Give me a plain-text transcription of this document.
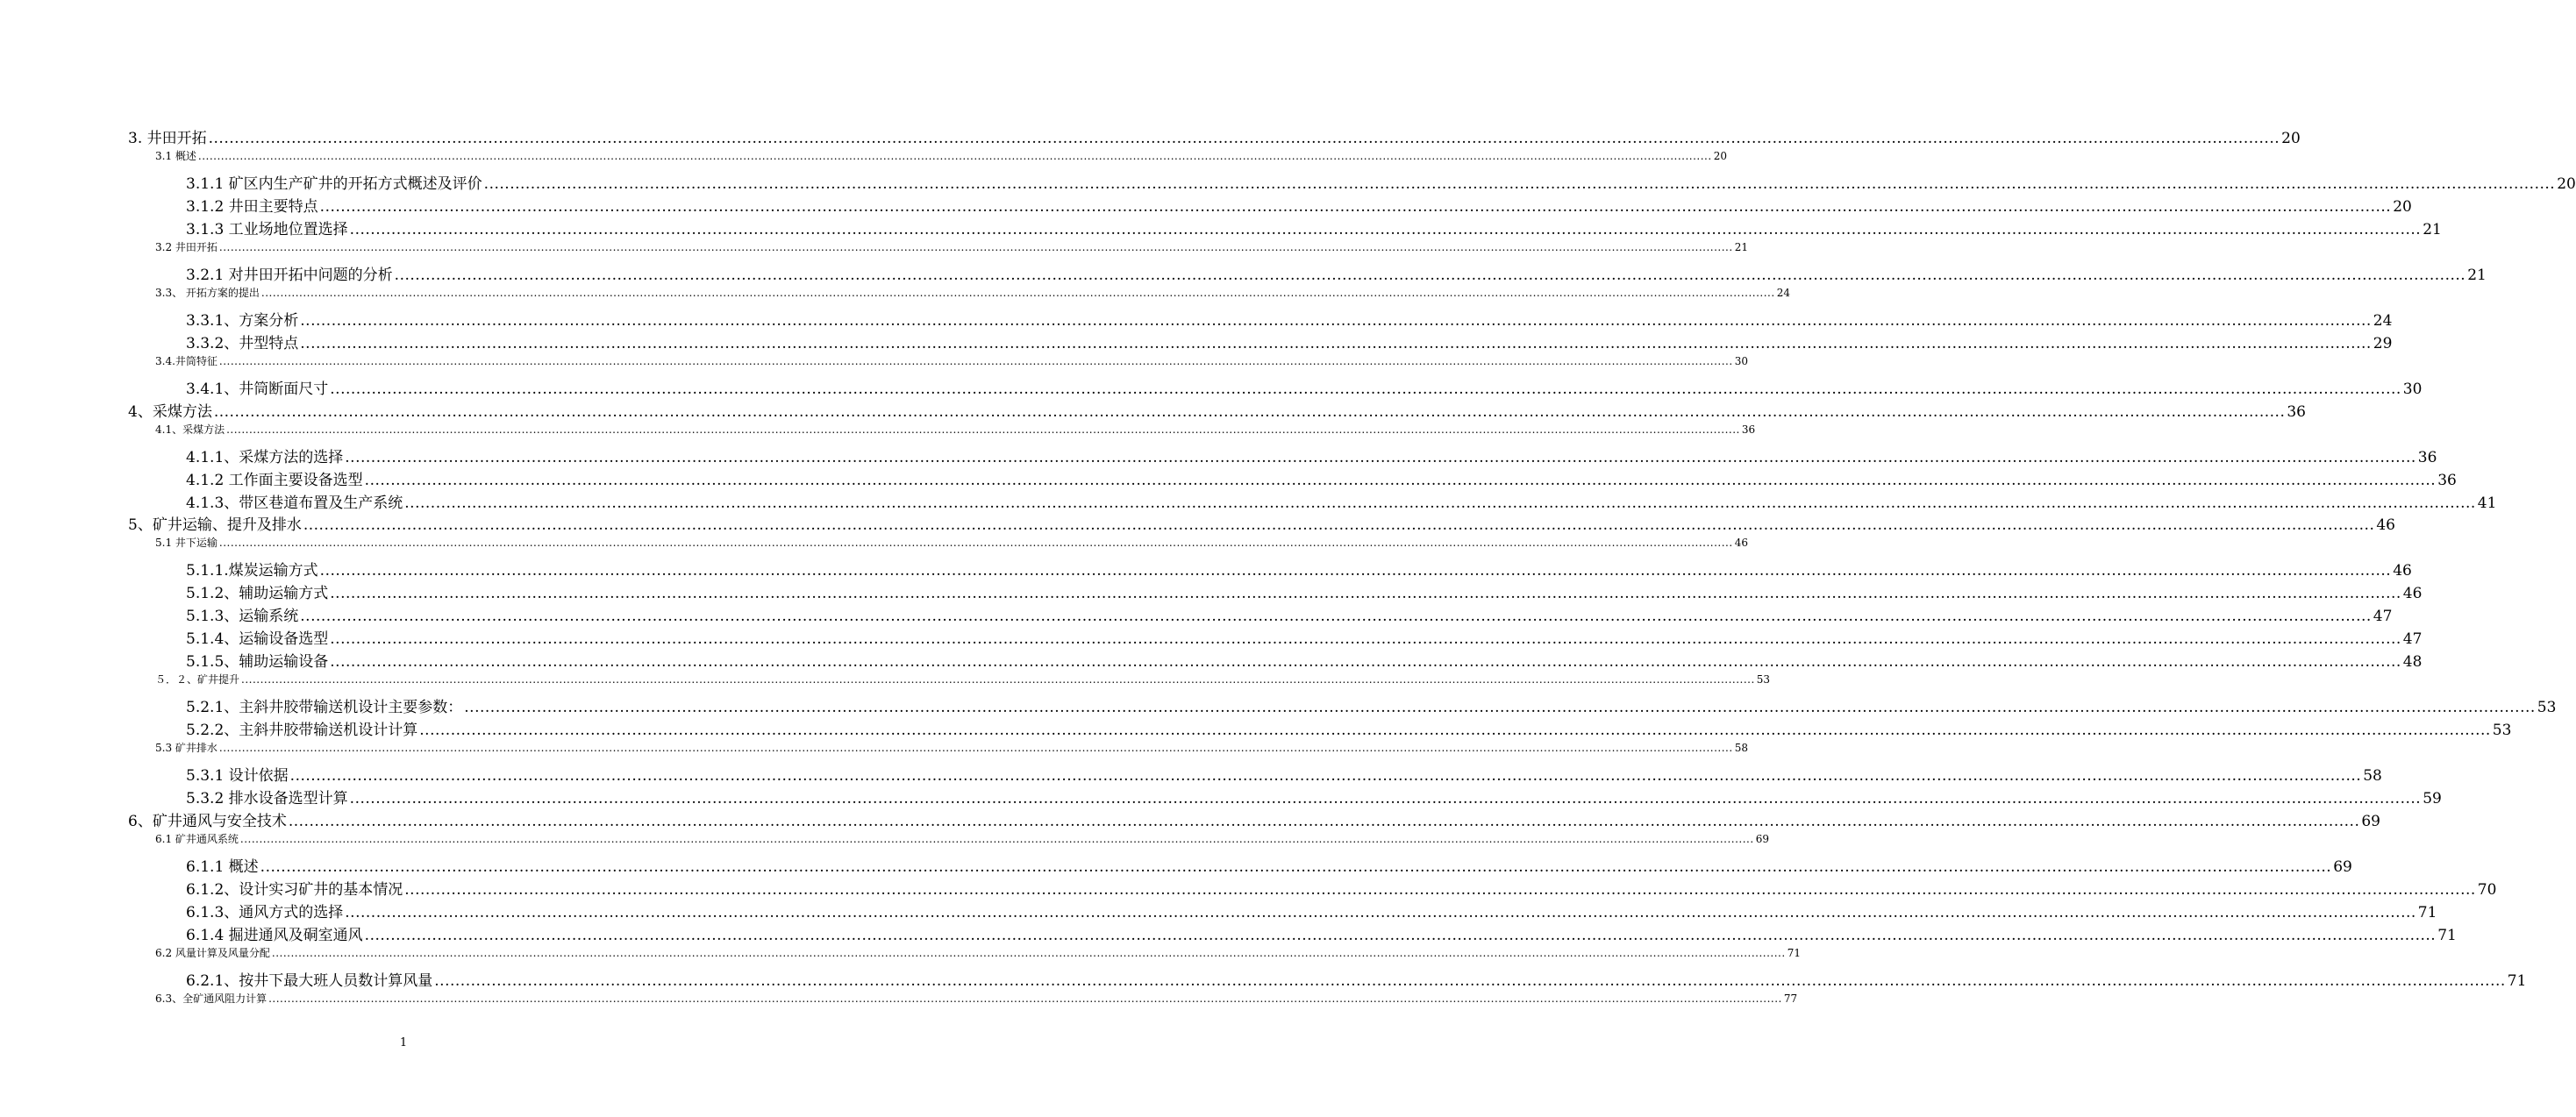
3. 井田开拓 ................................................................................................................................................................................................................................................................................................................................................................................................................ 20
3.1 概述 ................................................................................................................................................................................................................................................................................................................................................................................................................ 20
3.1.1 矿区内生产矿井的开拓方式概述及评价 ................................................................................................................................................................................................................................................................................................................................................................................................................ 20
3.1.2 井田主要特点 ................................................................................................................................................................................................................................................................................................................................................................................................................ 20
3.1.3 工业场地位置选择 ................................................................................................................................................................................................................................................................................................................................................................................................................ 21
3.2 井田开拓 ................................................................................................................................................................................................................................................................................................................................................................................................................ 21
3.2.1 对井田开拓中问题的分析 ................................................................................................................................................................................................................................................................................................................................................................................................................ 21
3.3、 开拓方案的提出 ................................................................................................................................................................................................................................................................................................................................................................................................................ 24
3.3.1、方案分析 ................................................................................................................................................................................................................................................................................................................................................................................................................ 24
3.3.2、井型特点 ................................................................................................................................................................................................................................................................................................................................................................................................................ 29
3.4.井筒特征 ................................................................................................................................................................................................................................................................................................................................................................................................................ 30
3.4.1、井筒断面尺寸 ................................................................................................................................................................................................................................................................................................................................................................................................................ 30
4、采煤方法 ................................................................................................................................................................................................................................................................................................................................................................................................................ 36
4.1、采煤方法 ................................................................................................................................................................................................................................................................................................................................................................................................................ 36
4.1.1、采煤方法的选择 ................................................................................................................................................................................................................................................................................................................................................................................................................ 36
4.1.2 工作面主要设备选型 ................................................................................................................................................................................................................................................................................................................................................................................................................ 36
4.1.3、带区巷道布置及生产系统 ................................................................................................................................................................................................................................................................................................................................................................................................................ 41
5、矿井运输、提升及排水 ................................................................................................................................................................................................................................................................................................................................................................................................................ 46
5.1 井下运输 ................................................................................................................................................................................................................................................................................................................................................................................................................ 46
5.1.1.煤炭运输方式 ................................................................................................................................................................................................................................................................................................................................................................................................................ 46
5.1.2、辅助运输方式 ................................................................................................................................................................................................................................................................................................................................................................................................................ 46
5.1.3、运输系统 ................................................................................................................................................................................................................................................................................................................................................................................................................ 47
5.1.4、运输设备选型 ................................................................................................................................................................................................................................................................................................................................................................................................................ 47
5.1.5、辅助运输设备 ................................................................................................................................................................................................................................................................................................................................................................................................................ 48
５．２、矿井提升 ................................................................................................................................................................................................................................................................................................................................................................................................................ 53
5.2.1、主斜井胶带输送机设计主要参数： ................................................................................................................................................................................................................................................................................................................................................................................................................ 53
5.2.2、主斜井胶带输送机设计计算 ................................................................................................................................................................................................................................................................................................................................................................................................................ 53
5.3 矿井排水 ................................................................................................................................................................................................................................................................................................................................................................................................................ 58
5.3.1 设计依据 ................................................................................................................................................................................................................................................................................................................................................................................................................ 58
5.3.2 排水设备选型计算 ................................................................................................................................................................................................................................................................................................................................................................................................................ 59
6、矿井通风与安全技术 ................................................................................................................................................................................................................................................................................................................................................................................................................ 69
6.1 矿井通风系统 ................................................................................................................................................................................................................................................................................................................................................................................................................ 69
6.1.1 概述 ................................................................................................................................................................................................................................................................................................................................................................................................................ 69
6.1.2、设计实习矿井的基本情况 ................................................................................................................................................................................................................................................................................................................................................................................................................ 70
6.1.3、通风方式的选择 ................................................................................................................................................................................................................................................................................................................................................................................................................ 71
6.1.4 掘进通风及硐室通风 ................................................................................................................................................................................................................................................................................................................................................................................................................ 71
6.2 风量计算及风量分配 ................................................................................................................................................................................................................................................................................................................................................................................................................ 71
6.2.1、按井下最大班人员数计算风量 ................................................................................................................................................................................................................................................................................................................................................................................................................ 71
6.3、全矿通风阻力计算 ................................................................................................................................................................................................................................................................................................................................................................................................................ 77
1
